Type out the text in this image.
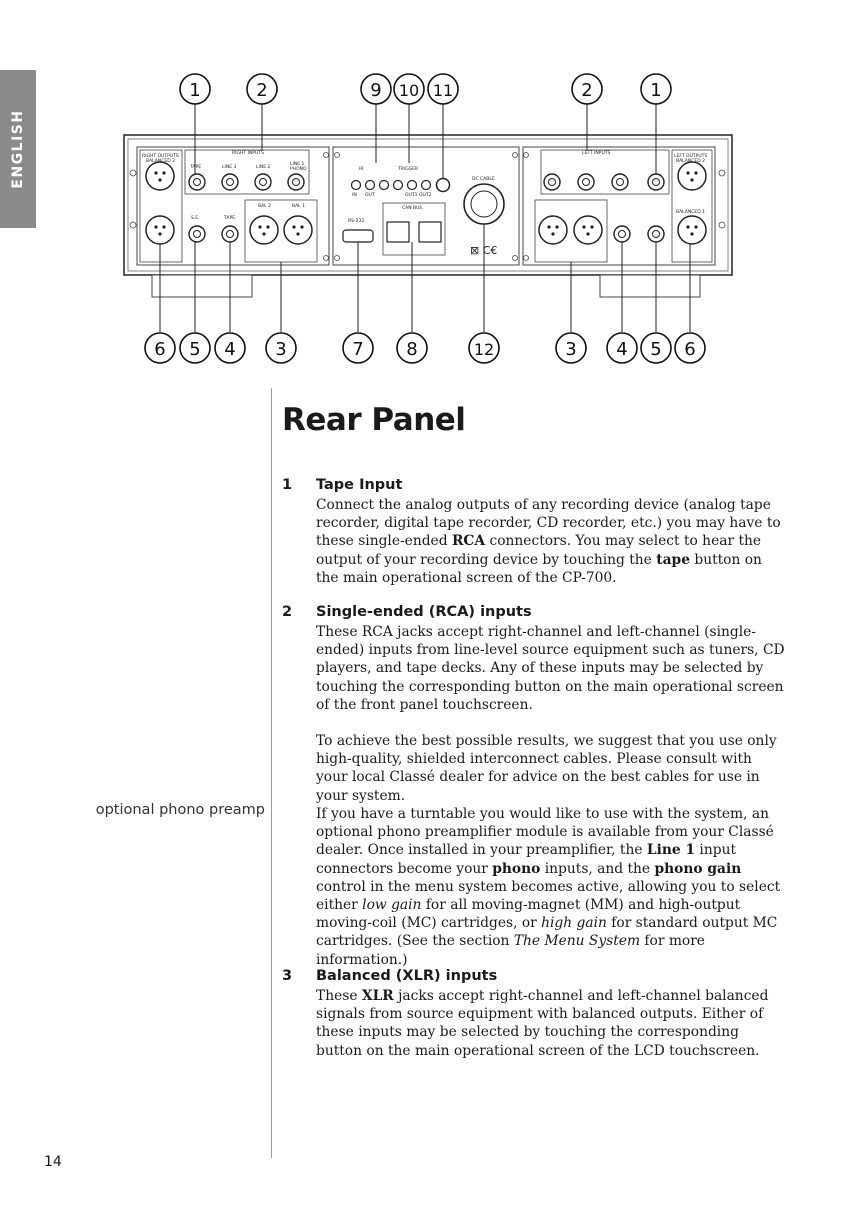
ENGLISH
⊠ C€
RIGHT OUTPUTS
BALANCED 2
RIGHT INPUTS
TAPE	LINE 3	LINE 2
LINE 1
PHONO
S.E.	TAPE
BAL 2	BAL 1
IR	TRIGGER
IN OUT	OUT1 OUT2
RS-232
CAN BUS
DC CABLE
LEFT INPUTS
LEFT OUTPUTS
BALANCED 2
BALANCED 1
1	2	9 10 11	2	1
6 5 4 3	7 8	12	3 4 5 6
Rear Panel
optional phono preamp
1 Tape Input

Connect the analog outputs of any recording device (analog tape recorder, digital tape recorder, CD recorder, etc.) you may have to these single-ended RCA connectors. You may select to hear the output of your recording device by touching the tape button on the main operational screen of the CP-700.

2 Single-ended (RCA) inputs

These RCA jacks accept right-channel and left-channel (single-ended) inputs from line-level source equipment such as tuners, CD players, and tape decks. Any of these inputs may be selected by touching the corresponding button on the main operational screen of the front panel touchscreen.

To achieve the best possible results, we suggest that you use only high-quality, shielded interconnect cables. Please consult with your local Classé dealer for advice on the best cables for use in your system.

If you have a turntable you would like to use with the system, an optional phono preamplifier module is available from your Classé dealer. Once installed in your preamplifier, the Line 1 input connectors become your phono inputs, and the phono gain control in the menu system becomes active, allowing you to select either low gain for all moving-magnet (MM) and high-output moving-coil (MC) cartridges, or high gain for standard output MC cartridges. (See the section The Menu System for more information.)

3 Balanced (XLR) inputs

These XLR jacks accept right-channel and left-channel balanced signals from source equipment with balanced outputs. Either of these inputs may be selected by touching the corresponding button on the main operational screen of the LCD touchscreen.

14
